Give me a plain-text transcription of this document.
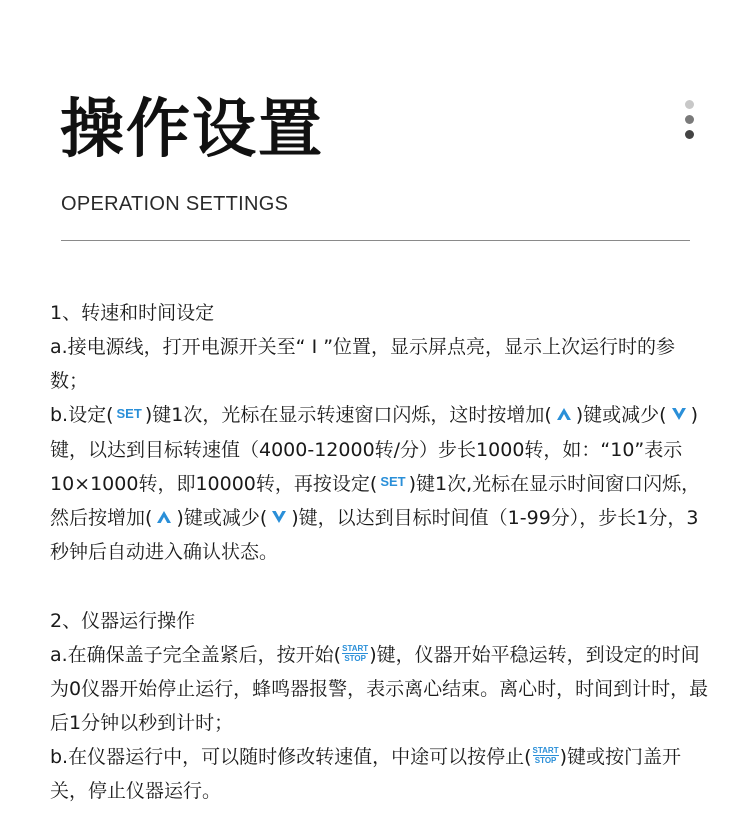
操作设置
OPERATION SETTINGS

1、转速和时间设定

a.接电源线，打开电源开关至“ I ”位置，显示屏点亮，显示上次运行时的参数；

b.设定( SET )键1次，光标在显示转速窗口闪烁，这时按增加( )键或减少( )键，以达到目标转速值（4000-12000转/分）步长1000转，如：“10”表示10×1000转，即10000转，再按设定( SET )键1次,光标在显示时间窗口闪烁，然后按增加( )键或减少( )键，以达到目标时间值（1-99分），步长1分，3秒钟后自动进入确认状态。

2、仪器运行操作

a.在确保盖子完全盖紧后，按开始( START
STOP )键，仪器开始平稳运转，到设定的时间为0仪器开始停止运行，蜂鸣器报警，表示离心结束。离心时，时间到计时，最后1分钟以秒到计时；

b.在仪器运行中，可以随时修改转速值，中途可以按停止( START
STOP )键或按门盖开关，停止仪器运行。
